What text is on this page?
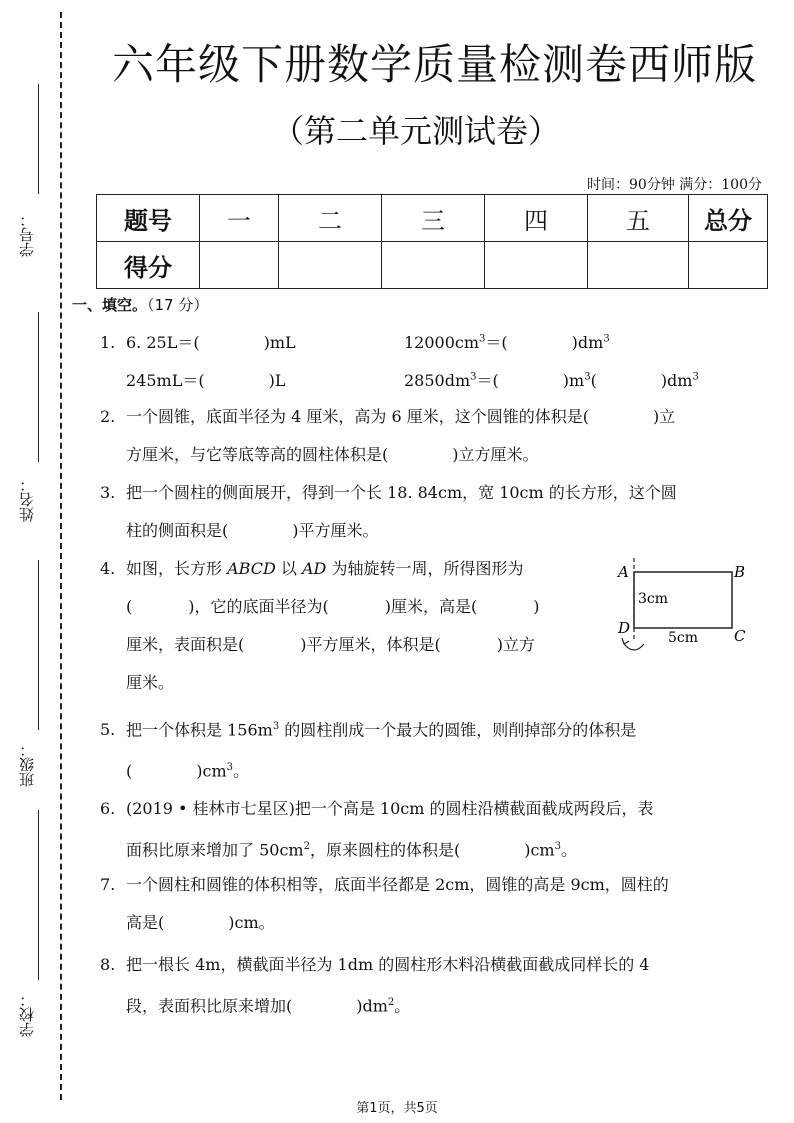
学号：
姓名：
班级：
学校：
六年级下册数学质量检测卷西师版
（第二单元测试卷）
时间：90分钟 满分：100分
题号	一	二	三	四	五	总分
得分						
一、填空。（17 分）
1. 6. 25L＝(	)mL	$12000cm^3=$(	)$dm^3$
245mL＝(	)L	$2850dm^3=$(	)$m^3$(	)$dm^3$
2. 一个圆锥，底面半径为 4 厘米，高为 6 厘米，这个圆锥的体积是(	)立
方厘米，与它等底等高的圆柱体积是(	)立方厘米。
3. 把一个圆柱的侧面展开，得到一个长 18. 84cm，宽 10cm 的长方形，这个圆
柱的侧面积是(	)平方厘米。
4. 如图，长方形 ABCD 以 AD 为轴旋转一周，所得图形为
(	)，它的底面半径为(	)厘米，高是(	)
厘米，表面积是(	)平方厘米，体积是(	)立方
厘米。
A	B
C
D
3cm
5cm
5. 把一个体积是 $156m^3$ 的圆柱削成一个最大的圆锥，则削掉部分的体积是
(	)$cm^3$。
6. (2019 • 桂林市七星区)把一个高是 10cm 的圆柱沿横截面截成两段后，表
面积比原来增加了 $50cm^2$，原来圆柱的体积是(	)$cm^3$。
7. 一个圆柱和圆锥的体积相等，底面半径都是 2cm，圆锥的高是 9cm，圆柱的
高是(	)cm。
8. 把一根长 4m，横截面半径为 1dm 的圆柱形木料沿横截面截成同样长的 4
段，表面积比原来增加(	)$dm^2$。
第1页，共5页
